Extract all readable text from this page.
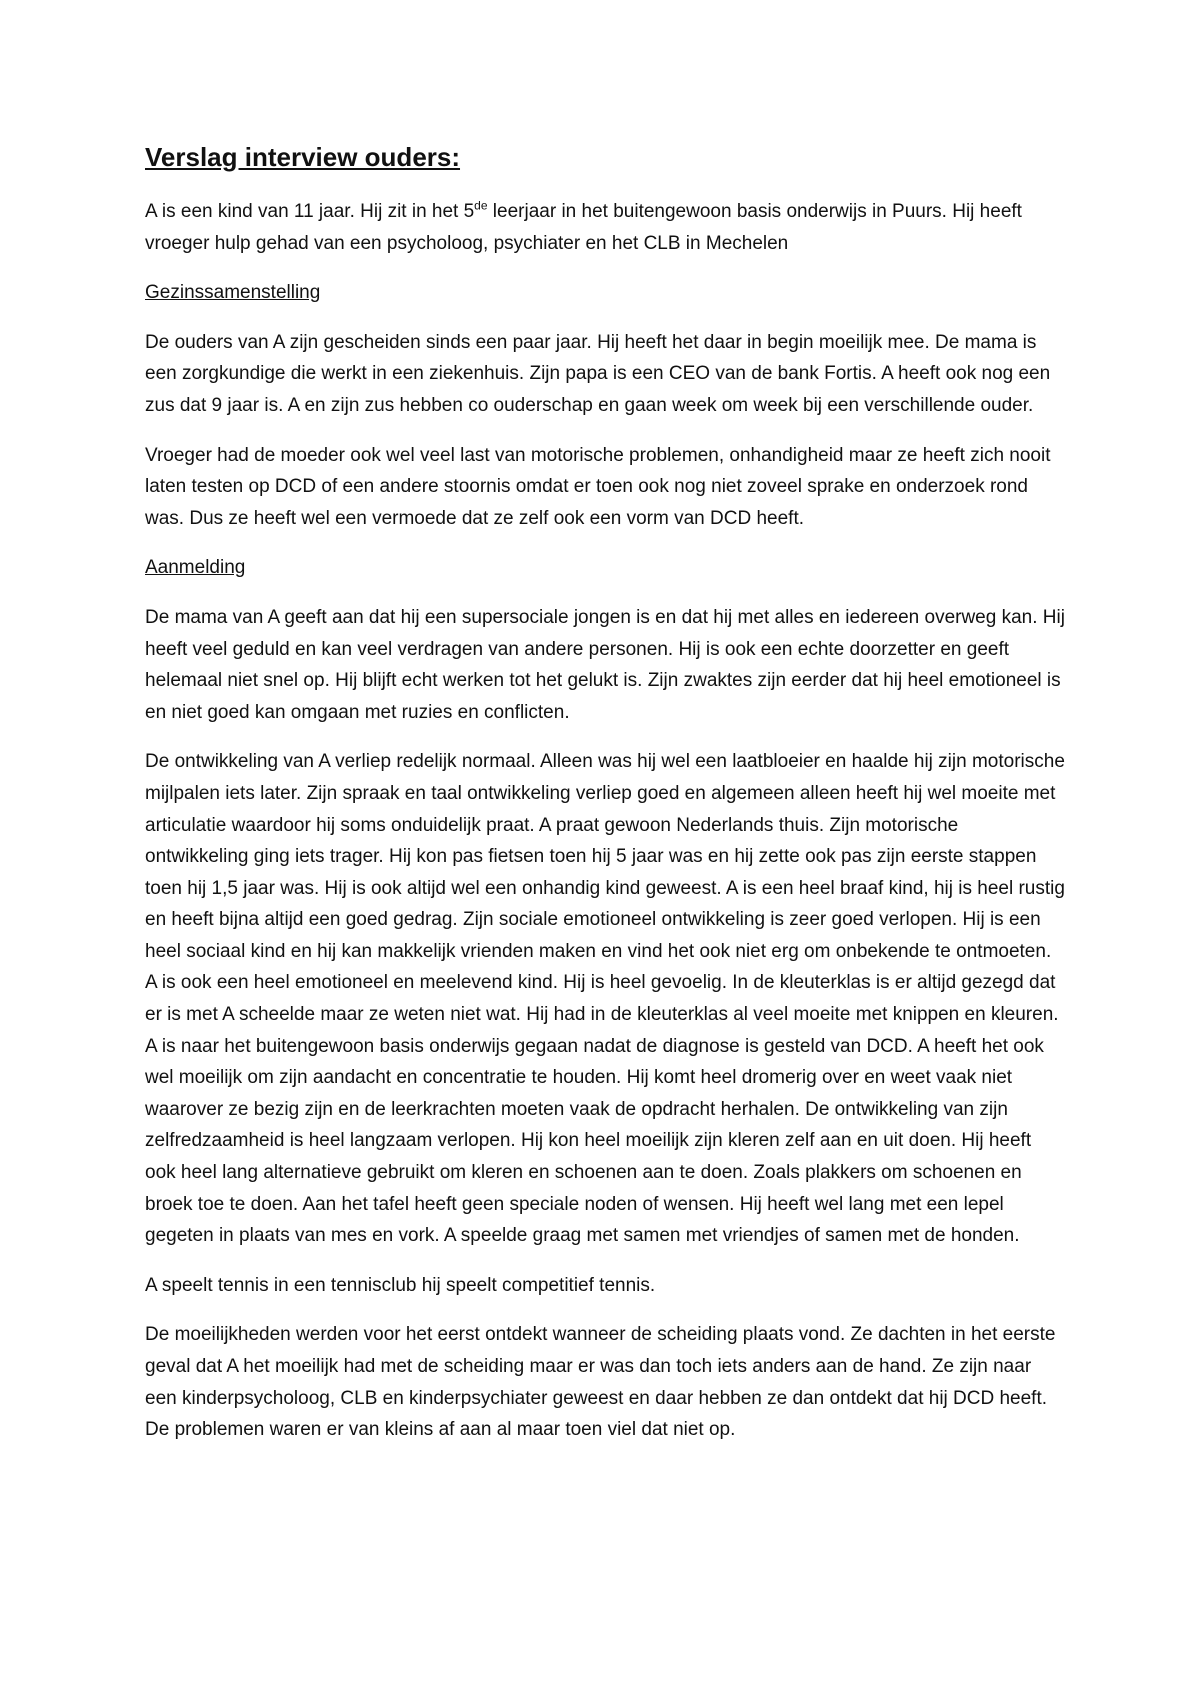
Verslag interview ouders:

A is een kind van 11 jaar. Hij zit in het 5de leerjaar in het buitengewoon basis onderwijs in Puurs. Hij heeft vroeger hulp gehad van een psycholoog, psychiater en het CLB in Mechelen

Gezinssamenstelling

De ouders van A zijn gescheiden sinds een paar jaar. Hij heeft het daar in begin moeilijk mee. De mama is een zorgkundige die werkt in een ziekenhuis. Zijn papa is een CEO van de bank Fortis. A heeft ook nog een zus dat 9 jaar is. A en zijn zus hebben co ouderschap en gaan week om week bij een verschillende ouder.

Vroeger had de moeder ook wel veel last van motorische problemen, onhandigheid maar ze heeft zich nooit laten testen op DCD of een andere stoornis omdat er toen ook nog niet zoveel sprake en onderzoek rond was. Dus ze heeft wel een vermoede dat ze zelf ook een vorm van DCD heeft.

Aanmelding

De mama van A geeft aan dat hij een supersociale jongen is en dat hij met alles en iedereen overweg kan. Hij heeft veel geduld en kan veel verdragen van andere personen. Hij is ook een echte doorzetter en geeft helemaal niet snel op. Hij blijft echt werken tot het gelukt is. Zijn zwaktes zijn eerder dat hij heel emotioneel is en niet goed kan omgaan met ruzies en conflicten.

De ontwikkeling van A verliep redelijk normaal. Alleen was hij wel een laatbloeier en haalde hij zijn motorische mijlpalen iets later. Zijn spraak en taal ontwikkeling verliep goed en algemeen alleen heeft hij wel moeite met articulatie waardoor hij soms onduidelijk praat. A praat gewoon Nederlands thuis. Zijn motorische ontwikkeling ging iets trager. Hij kon pas fietsen toen hij 5 jaar was en hij zette ook pas zijn eerste stappen toen hij 1,5 jaar was. Hij is ook altijd wel een onhandig kind geweest. A is een heel braaf kind, hij is heel rustig en heeft bijna altijd een goed gedrag. Zijn sociale emotioneel ontwikkeling is zeer goed verlopen. Hij is een heel sociaal kind en hij kan makkelijk vrienden maken en vind het ook niet erg om onbekende te ontmoeten. A is ook een heel emotioneel en meelevend kind. Hij is heel gevoelig. In de kleuterklas is er altijd gezegd dat er is met A scheelde maar ze weten niet wat. Hij had in de kleuterklas al veel moeite met knippen en kleuren. A is naar het buitengewoon basis onderwijs gegaan nadat de diagnose is gesteld van DCD. A heeft het ook wel moeilijk om zijn aandacht en concentratie te houden. Hij komt heel dromerig over en weet vaak niet waarover ze bezig zijn en de leerkrachten moeten vaak de opdracht herhalen. De ontwikkeling van zijn zelfredzaamheid is heel langzaam verlopen. Hij kon heel moeilijk zijn kleren zelf aan en uit doen. Hij heeft ook heel lang alternatieve gebruikt om kleren en schoenen aan te doen. Zoals plakkers om schoenen en broek toe te doen. Aan het tafel heeft geen speciale noden of wensen. Hij heeft wel lang met een lepel gegeten in plaats van mes en vork. A speelde graag met samen met vriendjes of samen met de honden.

A speelt tennis in een tennisclub hij speelt competitief tennis.

De moeilijkheden werden voor het eerst ontdekt wanneer de scheiding plaats vond. Ze dachten in het eerste geval dat A het moeilijk had met de scheiding maar er was dan toch iets anders aan de hand. Ze zijn naar een kinderpsycholoog, CLB en kinderpsychiater geweest en daar hebben ze dan ontdekt dat hij DCD heeft. De problemen waren er van kleins af aan al maar toen viel dat niet op.
